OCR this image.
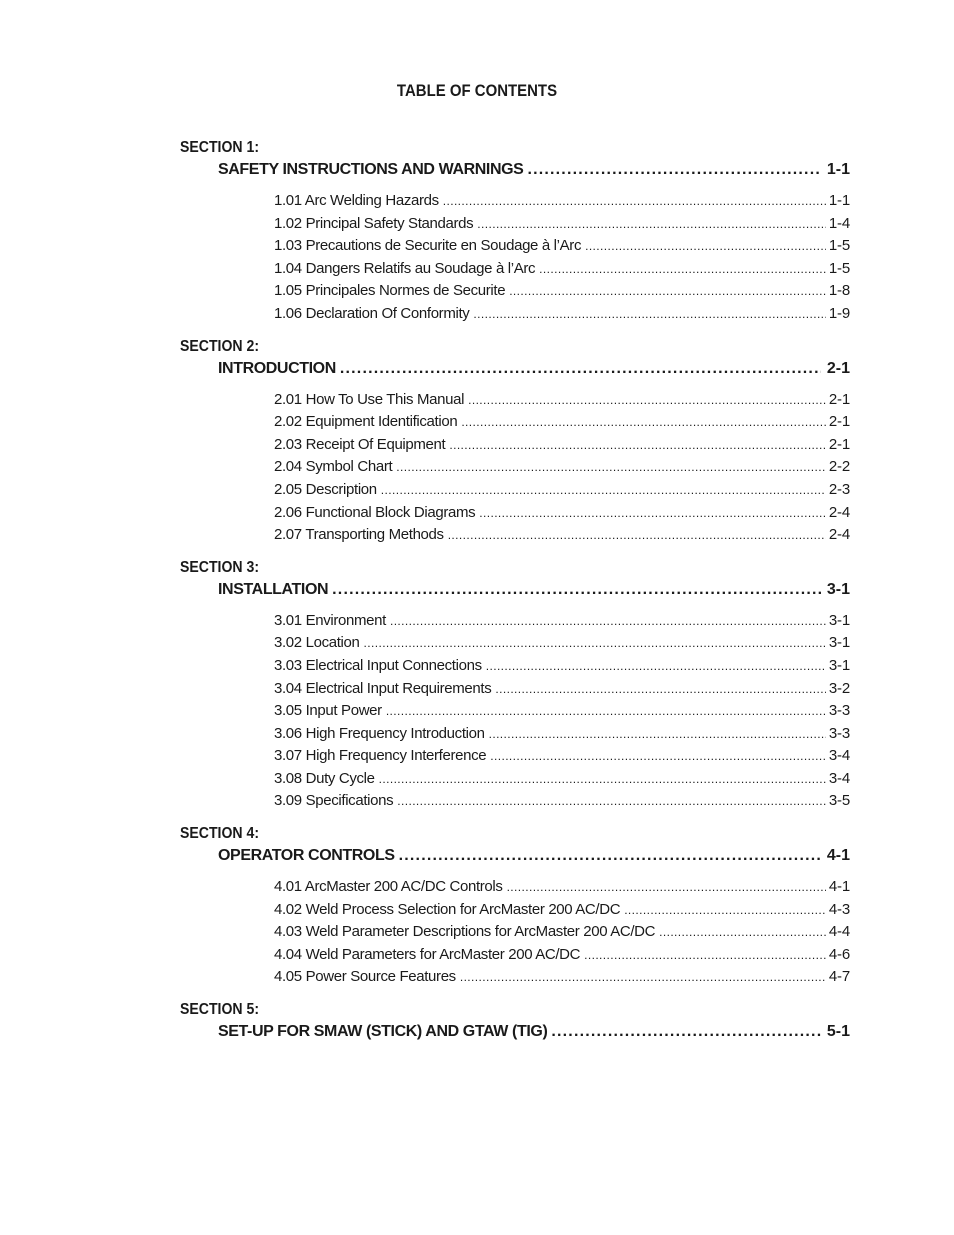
TABLE OF CONTENTS
SECTION 1:
SAFETY INSTRUCTIONS AND WARNINGS .....	1-1
1.01 Arc Welding Hazards .....	1-1
1.02 Principal Safety Standards .....	1-4
1.03 Precautions de Securite en Soudage à l’Arc .....	1-5
1.04 Dangers Relatifs au Soudage à l’Arc .....	1-5
1.05 Principales Normes de Securite .....	1-8
1.06 Declaration Of Conformity .....	1-9
SECTION 2:
INTRODUCTION .....	2-1
2.01 How To Use This Manual .....	2-1
2.02 Equipment Identification .....	2-1
2.03 Receipt Of Equipment .....	2-1
2.04 Symbol Chart .....	2-2
2.05 Description .....	2-3
2.06 Functional Block Diagrams .....	2-4
2.07 Transporting Methods .....	2-4
SECTION 3:
INSTALLATION .....	3-1
3.01 Environment .....	3-1
3.02 Location .....	3-1
3.03 Electrical Input Connections .....	3-1
3.04 Electrical Input Requirements .....	3-2
3.05 Input Power .....	3-3
3.06 High Frequency Introduction .....	3-3
3.07 High Frequency Interference .....	3-4
3.08 Duty Cycle .....	3-4
3.09 Specifications .....	3-5
SECTION 4:
OPERATOR CONTROLS .....	4-1
4.01 ArcMaster 200 AC/DC Controls .....	4-1
4.02 Weld Process Selection for ArcMaster 200 AC/DC .....	4-3
4.03 Weld Parameter Descriptions for ArcMaster 200 AC/DC .....	4-4
4.04 Weld Parameters for ArcMaster 200 AC/DC .....	4-6
4.05 Power Source Features .....	4-7
SECTION 5:
SET-UP FOR SMAW (STICK) AND GTAW (TIG) .....	5-1
